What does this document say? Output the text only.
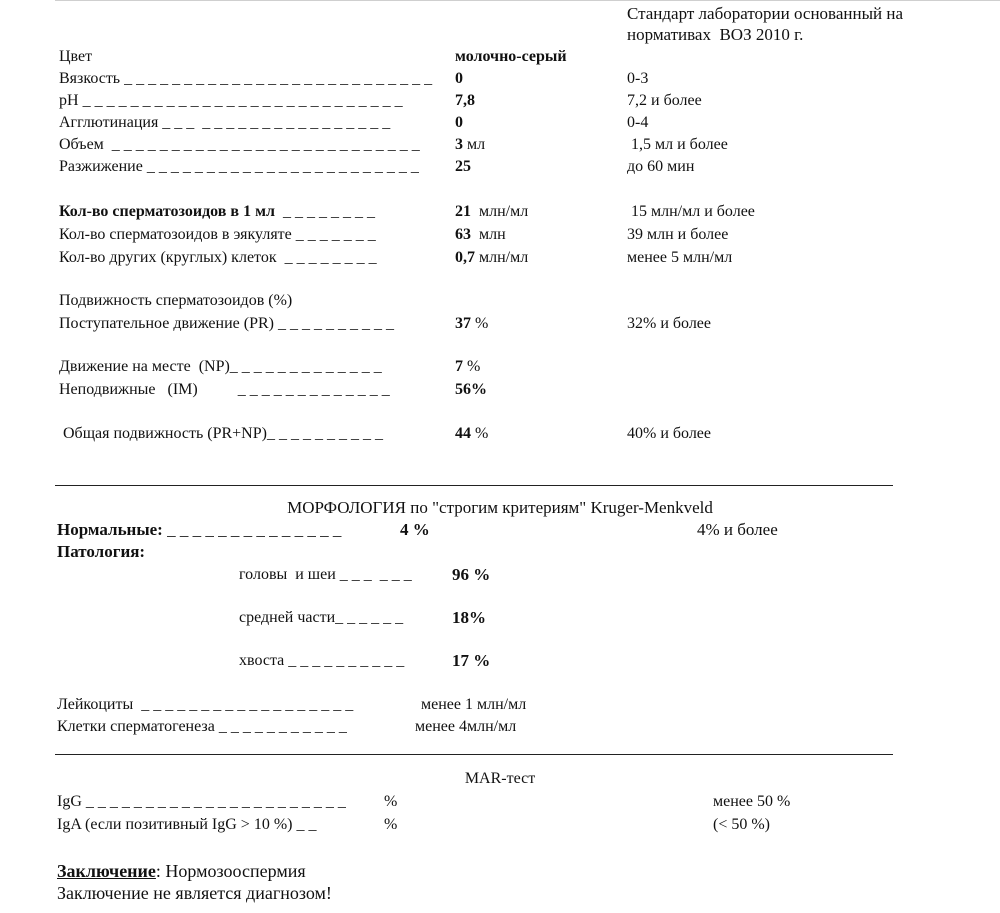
Стандарт лаборатории основанный на
нормативах  ВОЗ 2010 г.
Цвет	молочно-серый
Вязкость _ _ _ _ _ _ _ _ _ _ _ _ _ _ _ _ _ _ _ _ _ _ _ _ _ _ 0	0-3
pH _ _ _ _ _ _ _ _ _ _ _ _ _ _ _ _ _ _ _ _ _ _ _ _ _ _ _	7,8	7,2 и более
Агглютинация _ _ _  _ _ _ _ _ _ _ _ _ _ _ _ _ _ _ _	0	0-4
Объем  _ _ _ _ _ _ _ _ _ _ _ _ _ _ _ _ _ _ _ _ _ _ _ _ _ _ 3 мл	1,5 мл и более
Разжижение _ _ _ _ _ _ _ _ _ _ _ _ _ _ _ _ _ _ _ _ _ _ _ 25	до 60 мин
Кол-во сперматозоидов в 1 мл  _ _ _ _ _ _ _ _	21  млн/мл	15 млн/мл и более
Кол-во сперматозоидов в эякуляте _ _ _ _ _ _ _	63  млн	39 млн и более
Кол-во других (круглых) клеток  _ _ _ _ _ _ _ _	0,7 млн/мл	менее 5 млн/мл
Подвижность сперматозоидов (%)
Поступательное движение (PR) _ _ _ _ _ _ _ _ _ _	37 %	32% и более
Движение на месте  (NP)_ _ _ _ _ _ _ _ _ _ _ _ _	7 %
Неподвижные   (IM)          _ _ _ _ _ _ _ _ _ _ _ _ _	56%
Общая подвижность (PR+NP)_ _ _ _ _ _ _ _ _ _	44 %	40% и более
МОРФОЛОГИЯ по "строгим критериям" Kruger-Menkveld
Нормальные: _ _ _ _ _ _ _ _ _ _ _ _ _ _	4 %	4% и более
Патология:
головы  и шеи _ _ _  _ _ _ 96 %
средней части_ _ _ _ _ _	18%
хвоста _ _ _ _ _ _ _ _ _ _	17 %
Лейкоциты  _ _ _ _ _ _ _ _ _ _ _ _ _ _ _ _ _ _	менее 1 млн/мл
Клетки сперматогенеза _ _ _ _ _ _ _ _ _ _ _	менее 4млн/мл
MAR-тест
IgG _ _ _ _ _ _ _ _ _ _ _ _ _ _ _ _ _ _ _ _ _ _ %	менее 50 %
IgA (если позитивный IgG > 10 %) _ _	%	(< 50 %)
Заключение: Нормозооспермия
Заключение не является диагнозом!
